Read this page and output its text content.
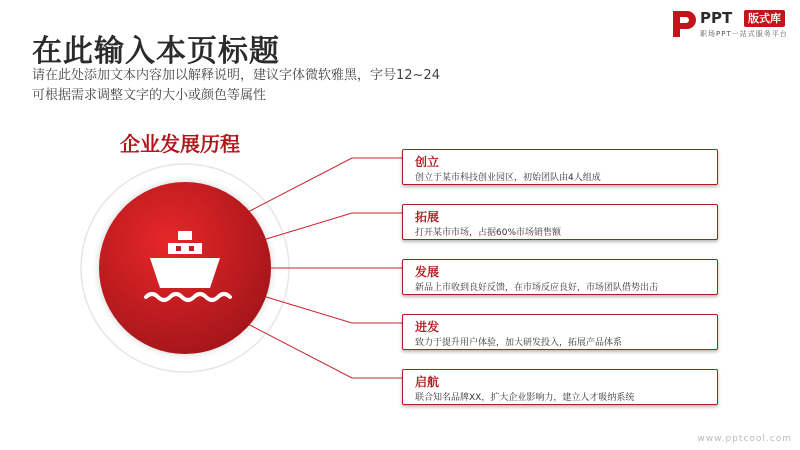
在此输入本页标题
请在此处添加文本内容加以解释说明，建议字体微软雅黑，字号12~24
可根据需求调整文字的大小或颜色等属性
PPT	版式库
职场PPT一站式服务平台
企业发展历程
创立
创立于某市科技创业园区，初始团队由4人组成
拓展
打开某市市场，占据60%市场销售额
发展
新品上市收到良好反馈，在市场反应良好，市场团队借势出击
进发
致力于提升用户体验，加大研发投入，拓展产品体系
启航
联合知名品牌XX，扩大企业影响力，建立人才吸纳系统
www.pptcool.com
